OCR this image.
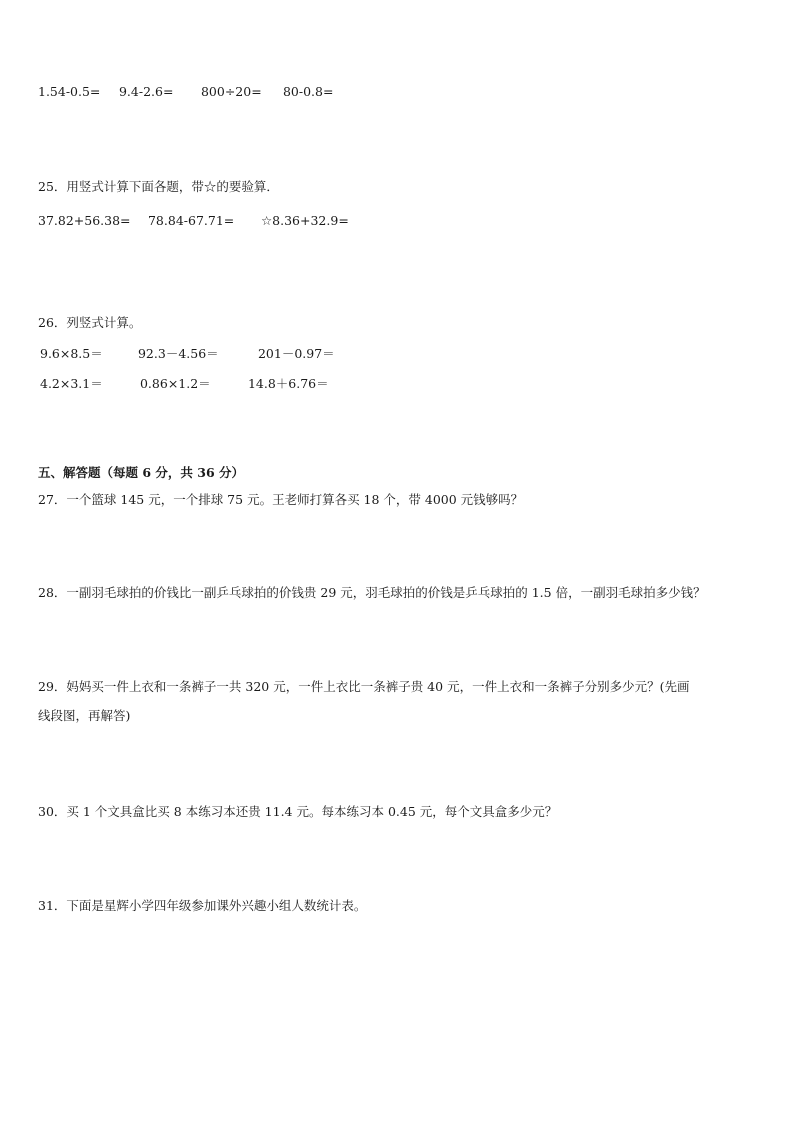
1.54-0.5= 9.4-2.6= 800÷20= 80-0.8=
25．用竖式计算下面各题，带☆的要验算．
37.82+56.38= 78.84-67.71= ☆8.36+32.9=
26．列竖式计算。
9.6×8.5＝	92.3－4.56＝	201－0.97＝
4.2×3.1＝	0.86×1.2＝	14.8＋6.76＝
五、解答题（每题 6 分，共 36 分）
27．一个篮球 145 元，一个排球 75 元。王老师打算各买 18 个，带 4000 元钱够吗？
28．一副羽毛球拍的价钱比一副乒乓球拍的价钱贵 29 元，羽毛球拍的价钱是乒乓球拍的 1.5 倍，一副羽毛球拍多少钱？
29．妈妈买一件上衣和一条裤子一共 320 元，一件上衣比一条裤子贵 40 元，一件上衣和一条裤子分别多少元？(先画
线段图，再解答)
30．买 1 个文具盒比买 8 本练习本还贵 11.4 元。每本练习本 0.45 元，每个文具盒多少元？
31．下面是星辉小学四年级参加课外兴趣小组人数统计表。
